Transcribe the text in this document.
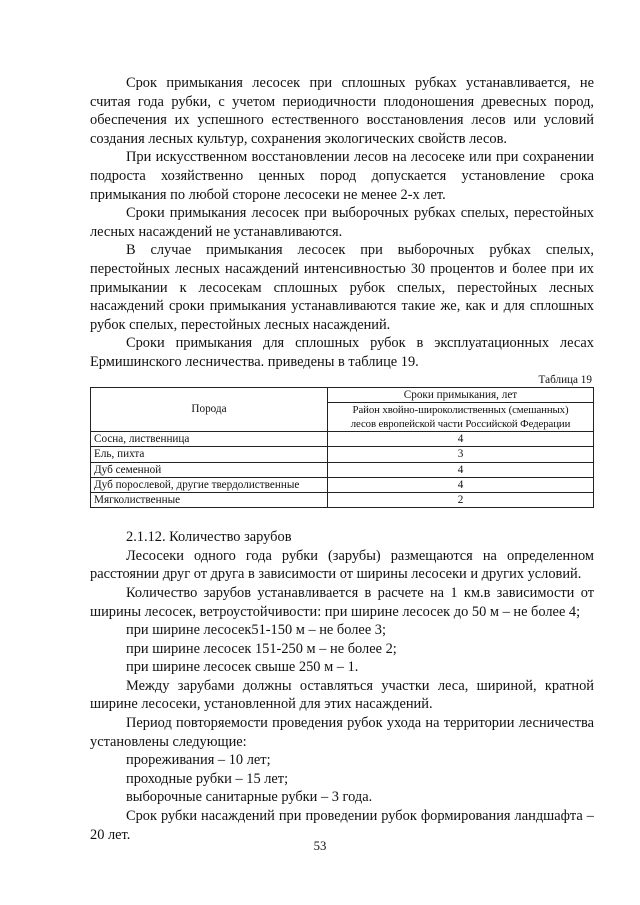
Срок примыкания лесосек при сплошных рубках устанавливается, не считая года рубки, с учетом периодичности плодоношения древесных пород, обеспечения их успешного естественного восстановления лесов или условий создания лесных культур, сохранения экологических свойств лесов.

При искусственном восстановлении лесов на лесосеке или при сохранении подроста хозяйственно ценных пород допускается установление срока примыкания по любой стороне лесосеки не менее 2-х лет.

Сроки примыкания лесосек при выборочных рубках спелых, перестойных лесных насаждений не устанавливаются.

В случае примыкания лесосек при выборочных рубках спелых, перестойных лесных насаждений интенсивностью 30 процентов и более при их примыкании к лесосекам сплошных рубок спелых, перестойных лесных насаждений сроки примыкания устанавливаются такие же, как и для сплошных рубок спелых, перестойных лесных насаждений.

Сроки примыкания для сплошных рубок в эксплуатационных лесах Ермишинского лесничества. приведены в таблице 19.

Таблица 19
Порода	Сроки примыкания, лет
	Район хвойно-широколиственных (смешанных)
лесов европейской части Российской Федерации
Сосна, лиственница	4
Ель, пихта	3
Дуб семенной	4
Дуб порослевой, другие твердолиственные	4
Мягколиственные	2

2.1.12. Количество зарубов

Лесосеки одного года рубки (зарубы) размещаются на определенном расстоянии друг от друга в зависимости от ширины лесосеки и других условий.

Количество зарубов устанавливается в расчете на 1 км.в зависимости от ширины лесосек, ветроустойчивости: при ширине лесосек до 50 м – не более 4;

при ширине лесосек51-150 м – не более 3;

при ширине лесосек 151-250 м – не более 2;

при ширине лесосек свыше 250 м – 1.

Между зарубами должны оставляться участки леса, шириной, кратной ширине лесосеки, установленной для этих насаждений.

Период повторяемости проведения рубок ухода на территории лесничества установлены следующие:

прореживания – 10 лет;

проходные рубки – 15 лет;

выборочные санитарные рубки – 3 года.

Срок рубки насаждений при проведении рубок формирования ландшафта – 20 лет.

53
